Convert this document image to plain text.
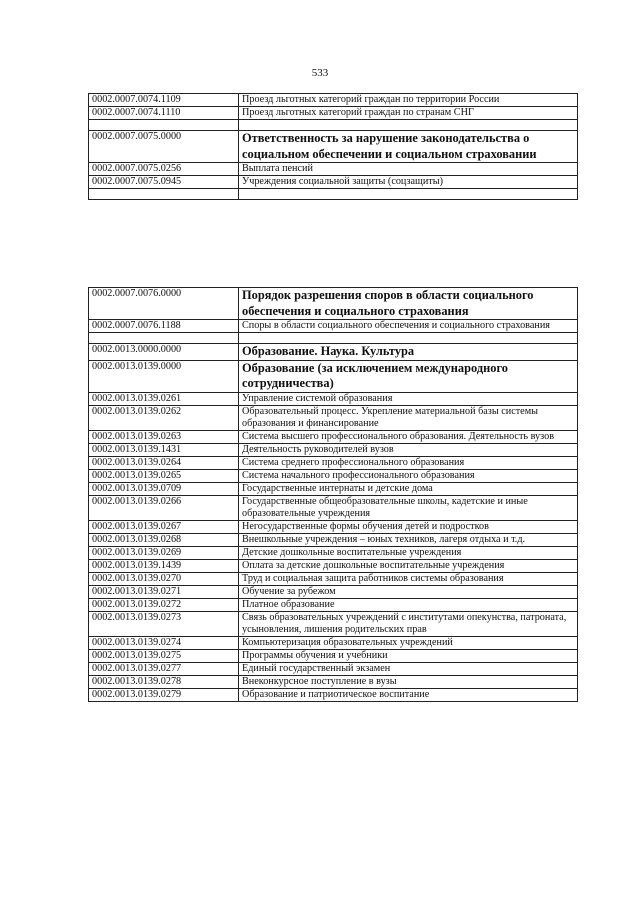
533
0002.0007.0074.1109	Проезд льготных категорий граждан по территории России
0002.0007.0074.1110	Проезд льготных категорий граждан по странам СНГ

0002.0007.0075.0000	Ответственность за нарушение законодательства о социальном обеспечении и социальном страховании
0002.0007.0075.0256	Выплата пенсий
0002.0007.0075.0945	Учреждения социальной защиты (соцзащиты)

0002.0007.0076.0000	Порядок разрешения споров в области социального обеспечения и социального страхования
0002.0007.0076.1188	Споры в области социального обеспечения и социального страхования

0002.0013.0000.0000	Образование. Наука. Культура
0002.0013.0139.0000	Образование (за исключением международного сотрудничества)
0002.0013.0139.0261	Управление системой образования
0002.0013.0139.0262	Образовательный процесс. Укрепление материальной базы системы образования и финансирование
0002.0013.0139.0263	Система высшего профессионального образования. Деятельность вузов
0002.0013.0139.1431	Деятельность руководителей вузов
0002.0013.0139.0264	Система среднего профессионального образования
0002.0013.0139.0265	Система начального профессионального образования
0002.0013.0139.0709	Государственные интернаты и детские дома
0002.0013.0139.0266	Государственные общеобразовательные школы, кадетские и иные образовательные учреждения
0002.0013.0139.0267	Негосударственные формы обучения детей и подростков
0002.0013.0139.0268	Внешкольные учреждения – юных техников, лагеря отдыха и т.д.
0002.0013.0139.0269	Детские дошкольные воспитательные учреждения
0002.0013.0139.1439	Оплата за детские дошкольные воспитательные учреждения
0002.0013.0139.0270	Труд и социальная защита работников системы образования
0002.0013.0139.0271	Обучение за рубежом
0002.0013.0139.0272	Платное образование
0002.0013.0139.0273	Связь образовательных учреждений с институтами опекунства, патроната, усыновления, лишения родительских прав
0002.0013.0139.0274	Компьютеризация образовательных учреждений
0002.0013.0139.0275	Программы обучения и учебники
0002.0013.0139.0277	Единый государственный экзамен
0002.0013.0139.0278	Внеконкурсное поступление в вузы
0002.0013.0139.0279	Образование и патриотическое воспитание
